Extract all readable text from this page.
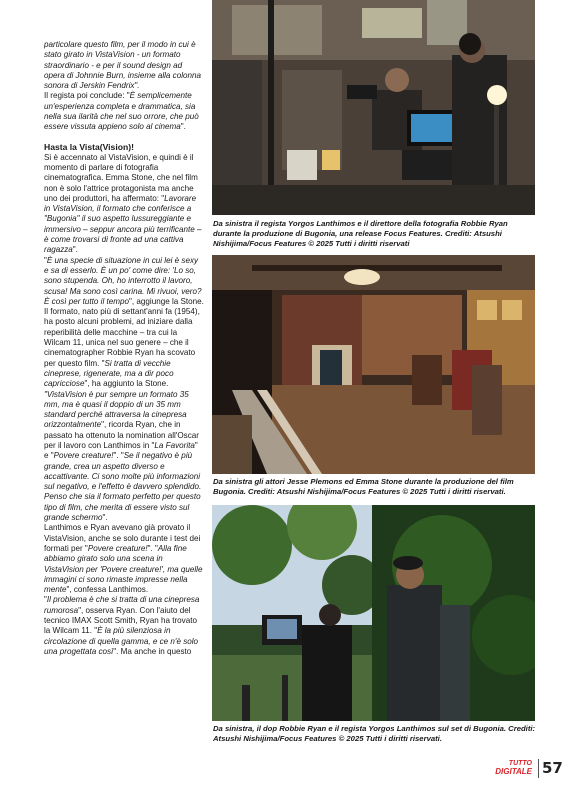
particolare questo film, per il modo in cui è stato girato in VistaVision - un formato straordinario - e per il sound design ad opera di Johnnie Burn, insieme alla colonna sonora di Jerskin Fendrix".

Il regista poi conclude: "È semplicemente un'esperienza completa e drammatica, sia nella sua ilarità che nel suo orrore, che può essere vissuta appieno solo al cinema".

Hasta la Vista(Vision)!

Si è accennato al VistaVision, e quindi è il momento di parlare di fotografia cinematografica. Emma Stone, che nel film non è solo l'attrice protagonista ma anche uno dei produttori, ha affermato: "Lavorare in VistaVision, il formato che conferisce a "Bugonia" il suo aspetto lussureggiante e immersivo – seppur ancora più terrificante – è come trovarsi di fronte ad una cattiva ragazza".

"È una specie di situazione in cui lei è sexy e sa di esserlo. È un po' come dire: 'Lo so, sono stupenda. Oh, ho interrotto il lavoro, scusa! Ma sono così carina. Mi rivuoi, vero? È così per tutto il tempo", aggiunge la Stone.

Il formato, nato più di settant'anni fa (1954), ha posto alcuni problemi, ad iniziare dalla reperibilità delle macchine – tra cui la Wilcam 11, unica nel suo genere – che il cinematographer Robbie Ryan ha scovato per questo film. "Si tratta di vecchie cineprese, rigenerate, ma a dir poco capricciose", ha aggiunto la Stone.
"VistaVision è pur sempre un formato 35 mm, ma è quasi il doppio di un 35 mm standard perché attraversa la cinepresa orizzontalmente", ricorda Ryan, che in passato ha ottenuto la nomination all'Oscar per il lavoro con Lanthimos in "La Favorita" e "Povere creature!". "Se il negativo è più grande, crea un aspetto diverso e accattivante. Ci sono molte più informazioni sul negativo, e l'effetto è davvero splendido. Penso che sia il formato perfetto per questo tipo di film, che merita di essere visto sul grande schermo".

Lanthimos e Ryan avevano già provato il VistaVision, anche se solo durante i test dei formati per "Povere creature!". "Alla fine abbiamo girato solo una scena in VistaVision per 'Povere creature!', ma quelle immagini ci sono rimaste impresse nella mente", confessa Lanthimos.

"Il problema è che si tratta di una cinepresa rumorosa", osserva Ryan. Con l'aiuto del tecnico IMAX Scott Smith, Ryan ha trovato la Wilcam 11. "È la più silenziosa in circolazione di quella gamma, e ce n'è solo una progettata così". Ma anche in questo

Da sinistra il regista Yorgos Lanthimos e il direttore della fotografia Robbie Ryan durante la produzione di Bugonia, una release Focus Features. Crediti: Atsushi Nishijima/Focus Features © 2025 Tutti i diritti riservati
Da sinistra gli attori Jesse Plemons ed Emma Stone durante la produzione del film Bugonia. Crediti: Atsushi Nishijima/Focus Features © 2025 Tutti i diritti riservati.
Da sinistra, il dop Robbie Ryan e il regista Yorgos Lanthimos sul set di Bugonia. Crediti: Atsushi Nishijima/Focus Features © 2025 Tutti i diritti riservati.
TUTTO
DIGITALE 57
